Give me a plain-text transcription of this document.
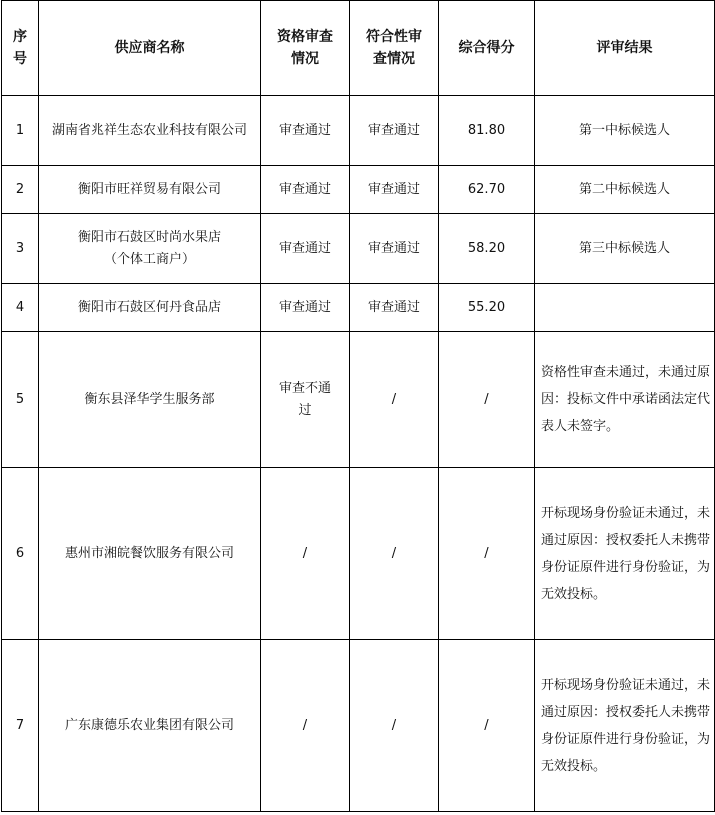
序号	供应商名称	资格审查情况	符合性审查情况	综合得分	评审结果
1	湖南省兆祥生态农业科技有限公司	审查通过	审查通过	81.80	第一中标候选人
2	衡阳市旺祥贸易有限公司	审查通过	审查通过	62.70	第二中标候选人
3	衡阳市石鼓区时尚水果店（个体工商户）	审查通过	审查通过	58.20	第三中标候选人
4	衡阳市石鼓区何丹食品店	审查通过	审查通过	55.20	
5	衡东县泽华学生服务部	审查不通过	/	/	资格性审查未通过，未通过原因：投标文件中承诺函法定代表人未签字。
6	惠州市湘皖餐饮服务有限公司	/	/	/	开标现场身份验证未通过，未通过原因：授权委托人未携带身份证原件进行身份验证，为无效投标。
7	广东康德乐农业集团有限公司	/	/	/	开标现场身份验证未通过，未通过原因：授权委托人未携带身份证原件进行身份验证，为无效投标。
